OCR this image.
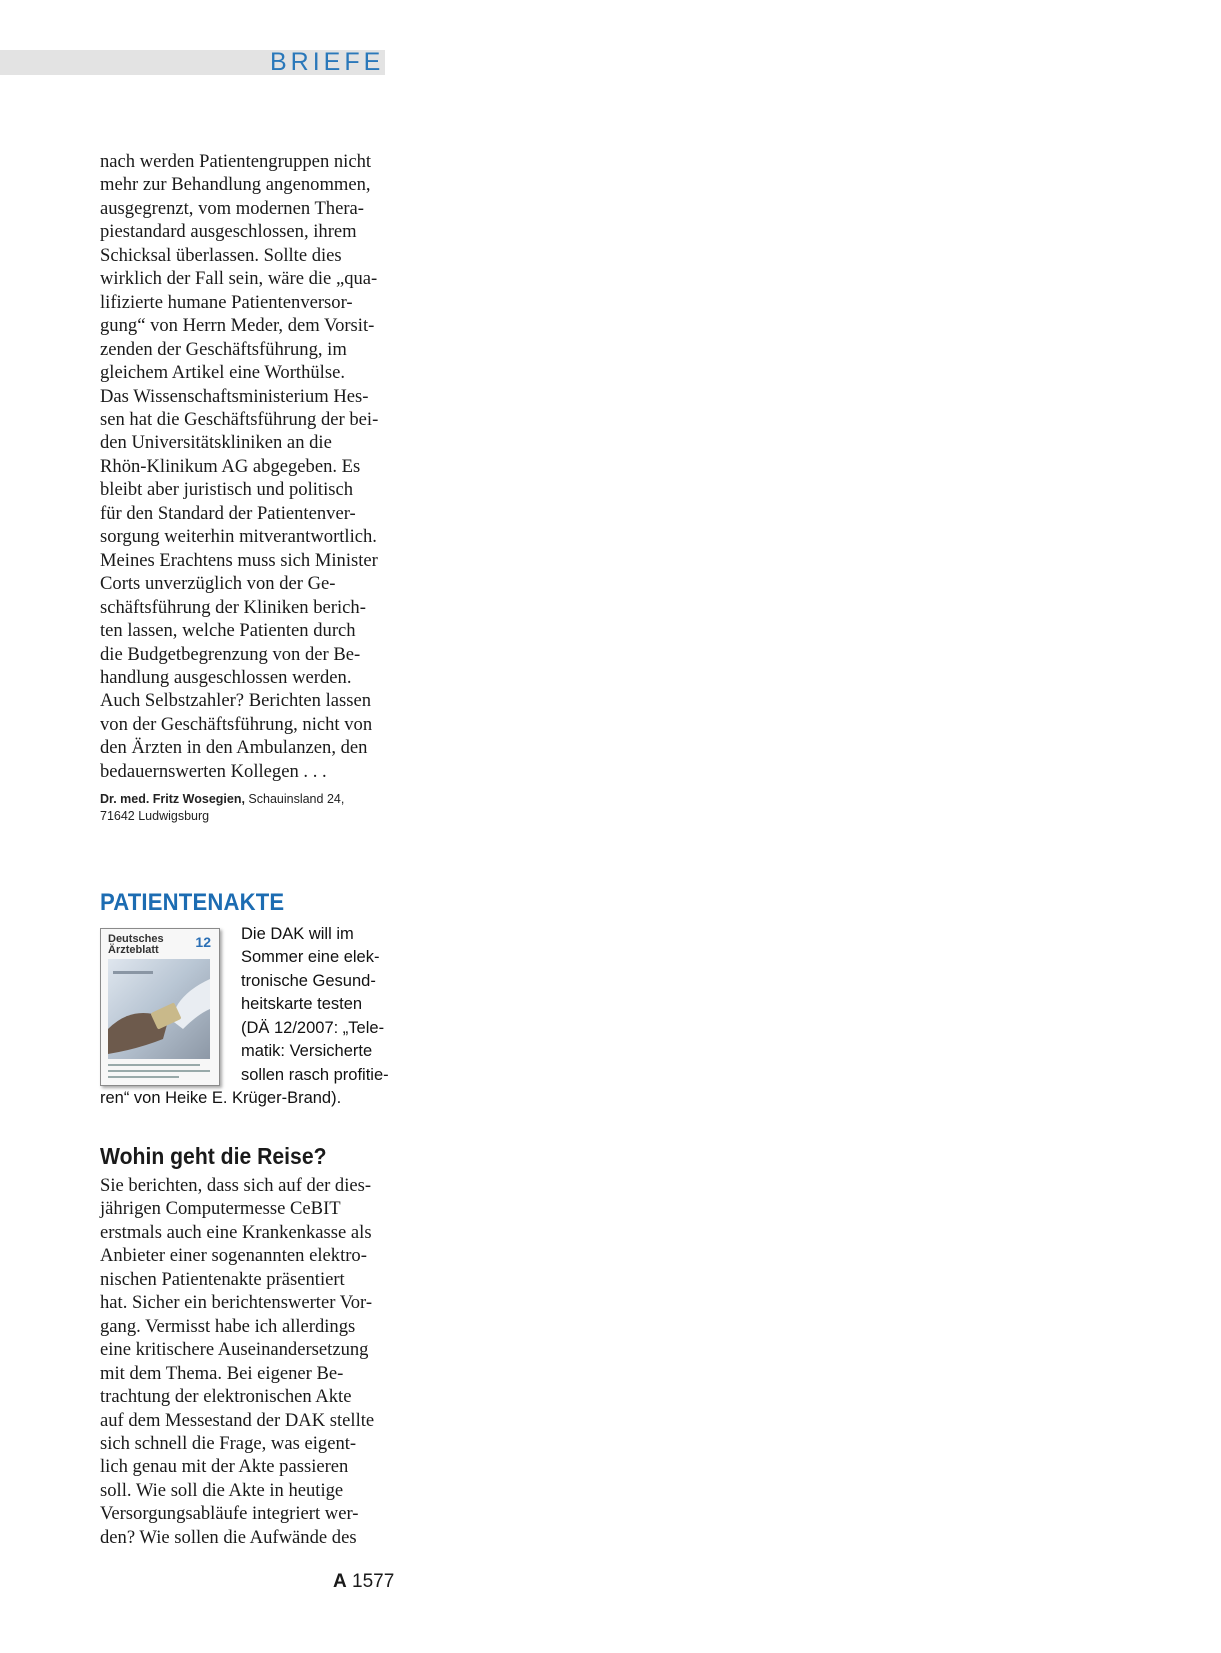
BRIEFE

nach werden Patientengruppen nicht

mehr zur Behandlung angenommen,

ausgegrenzt, vom modernen Thera-

piestandard ausgeschlossen, ihrem

Schicksal überlassen. Sollte dies

wirklich der Fall sein, wäre die „qua-

lifizierte humane Patientenversor-

gung“ von Herrn Meder, dem Vorsit-

zenden der Geschäftsführung, im

gleichem Artikel eine Worthülse.

Das Wissenschaftsministerium Hes-

sen hat die Geschäftsführung der bei-

den Universitätskliniken an die

Rhön-Klinikum AG abgegeben. Es

bleibt aber juristisch und politisch

für den Standard der Patientenver-

sorgung weiterhin mitverantwortlich.

Meines Erachtens muss sich Minister

Corts unverzüglich von der Ge-

schäftsführung der Kliniken berich-

ten lassen, welche Patienten durch

die Budgetbegrenzung von der Be-

handlung ausgeschlossen werden.

Auch Selbstzahler? Berichten lassen

von der Geschäftsführung, nicht von

den Ärzten in den Ambulanzen, den

bedauernswerten Kollegen . . .

Dr. med. Fritz Wosegien, Schauinsland 24,
71642 Ludwigsburg
PATIENTENAKTE
Deutsches
Ärzteblatt	12	Die DAK will im

Sommer eine elek-

tronische Gesund-

heitskarte testen

(DÄ 12/2007: „Tele-

matik: Versicherte

sollen rasch profitie-

ren“ von Heike E. Krüger-Brand).

Wohin geht die Reise?

Sie berichten, dass sich auf der dies-

jährigen Computermesse CeBIT

erstmals auch eine Krankenkasse als

Anbieter einer sogenannten elektro-

nischen Patientenakte präsentiert

hat. Sicher ein berichtenswerter Vor-

gang. Vermisst habe ich allerdings

eine kritischere Auseinandersetzung

mit dem Thema. Bei eigener Be-

trachtung der elektronischen Akte

auf dem Messestand der DAK stellte

sich schnell die Frage, was eigent-

lich genau mit der Akte passieren

soll. Wie soll die Akte in heutige

Versorgungsabläufe integriert wer-

den? Wie sollen die Aufwände des

A 1577
